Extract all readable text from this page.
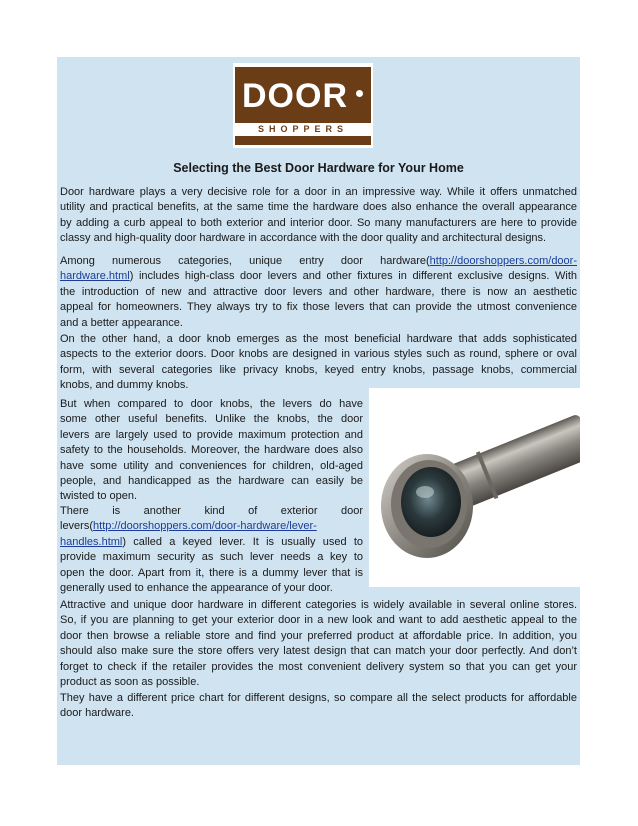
DOOR
SHOPPERS
Selecting the Best Door Hardware for Your Home
Door hardware plays a very decisive role for a door in an impressive way. While it offers unmatched
utility and practical benefits, at the same time the hardware does also enhance the overall appearance
by adding a curb appeal to both exterior and interior door. So many manufacturers are here to provide
classy and high-quality door hardware in accordance with the door quality and architectural designs.
Among numerous categories, unique entry door hardware(http://doorshoppers.com/door-
hardware.html) includes high-class door levers and other fixtures in different exclusive designs. With
the introduction of new and attractive door levers and other hardware, there is now an aesthetic
appeal for homeowners. They always try to fix those levers that can provide the utmost convenience
and a better appearance.
On the other hand, a door knob emerges as the most beneficial hardware that adds sophisticated
aspects to the exterior doors. Door knobs are designed in various styles such as round, sphere or oval
form, with several categories like privacy knobs, keyed entry knobs, passage knobs, commercial
knobs, and dummy knobs.
But when compared to door knobs, the levers do have
some other useful benefits. Unlike the knobs, the door
levers are largely used to provide maximum protection and
safety to the households. Moreover, the hardware does also
have some utility and conveniences for children, old-aged
people, and handicapped as the hardware can easily be
twisted to open.
There is another kind of exterior door
levers(http://doorshoppers.com/door-hardware/lever-
handles.html) called a keyed lever. It is usually used to
provide maximum security as such lever needs a key to
open the door. Apart from it, there is a dummy lever that is
generally used to enhance the appearance of your door.
Attractive and unique door hardware in different categories is widely available in several online stores.
So, if you are planning to get your exterior door in a new look and want to add aesthetic appeal to the
door then browse a reliable store and find your preferred product at affordable price. In addition, you
should also make sure the store offers very latest design that can match your door perfectly. And don’t
forget to check if the retailer provides the most convenient delivery system so that you can get your
product as soon as possible.
They have a different price chart for different designs, so compare all the select products for affordable
door hardware.
